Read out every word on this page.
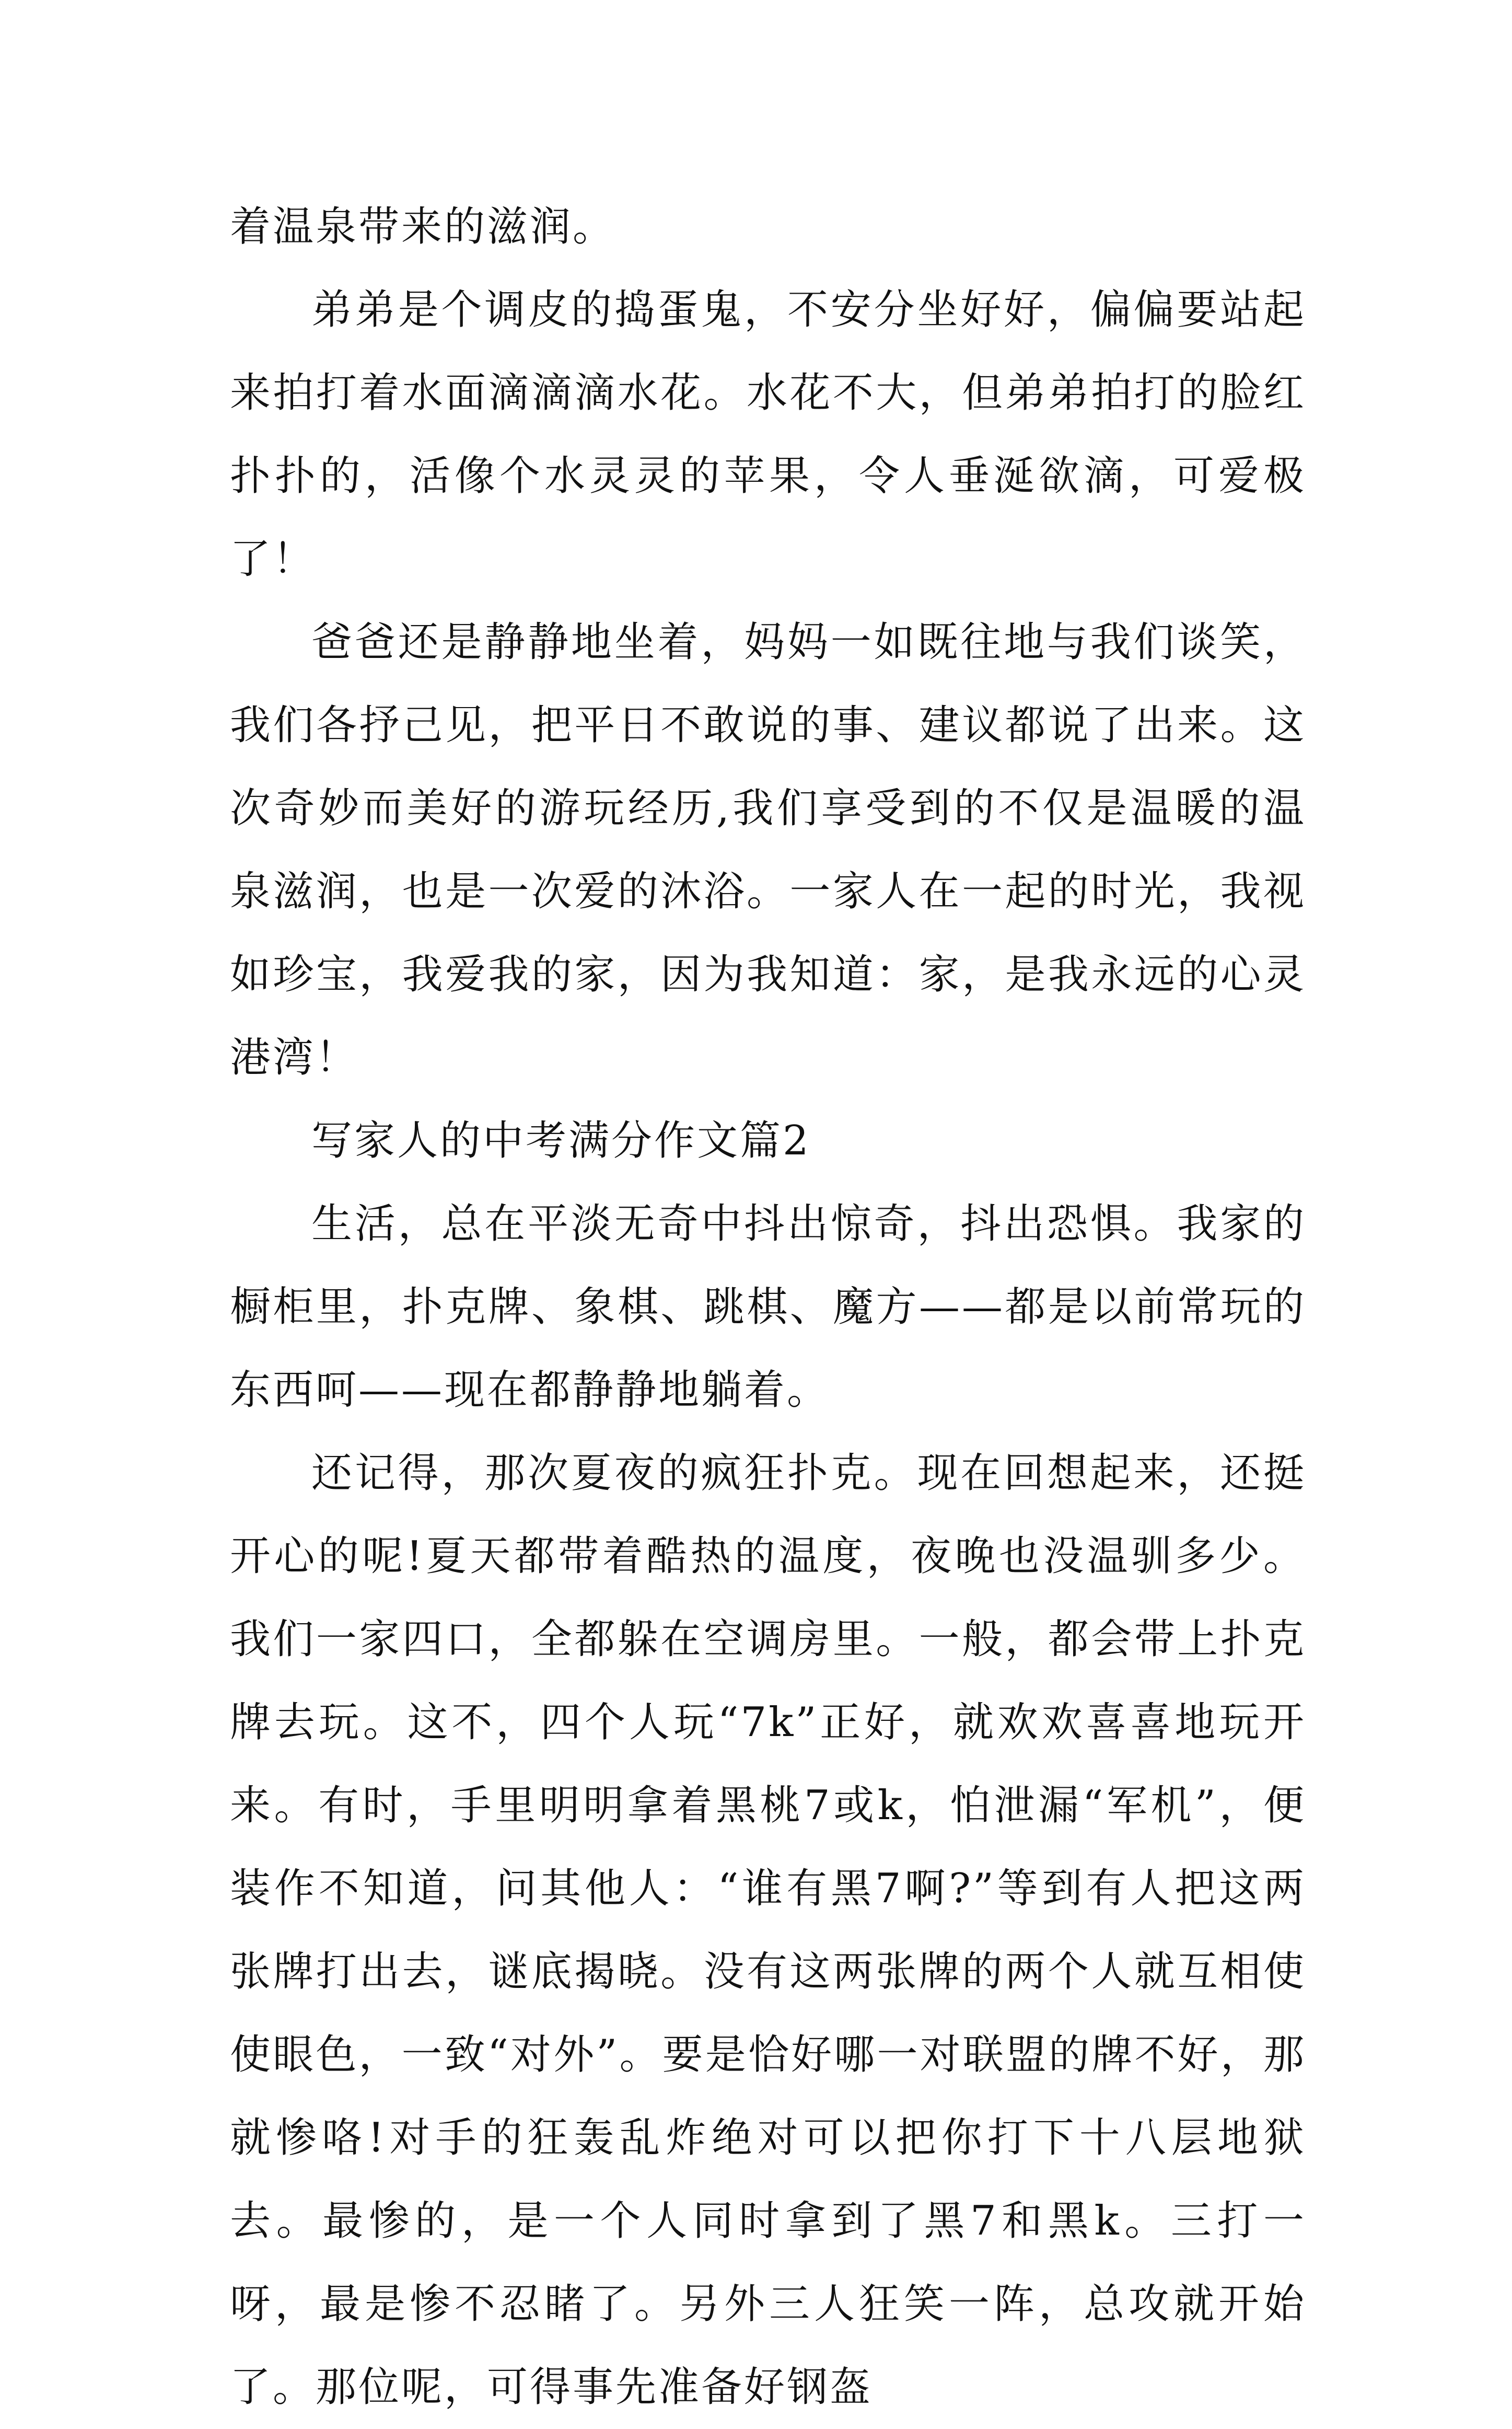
着温泉带来的滋润。

弟弟是个调皮的捣蛋鬼，不安分坐好好，偏偏要站起来拍打着水面滴滴滴水花。水花不大，但弟弟拍打的脸红扑扑的，活像个水灵灵的苹果，令人垂涎欲滴，可爱极了！

爸爸还是静静地坐着，妈妈一如既往地与我们谈笑，我们各抒己见，把平日不敢说的事、建议都说了出来。这次奇妙而美好的游玩经历,我们享受到的不仅是温暖的温泉滋润，也是一次爱的沐浴。一家人在一起的时光，我视如珍宝，我爱我的家，因为我知道：家，是我永远的心灵港湾！

写家人的中考满分作文篇2

生活，总在平淡无奇中抖出惊奇，抖出恐惧。我家的橱柜里，扑克牌、象棋、跳棋、魔方——都是以前常玩的东西呵——现在都静静地躺着。

还记得，那次夏夜的疯狂扑克。现在回想起来，还挺开心的呢!夏天都带着酷热的温度，夜晚也没温驯多少。我们一家四口，全都躲在空调房里。一般，都会带上扑克牌去玩。这不，四个人玩“7k”正好，就欢欢喜喜地玩开来。有时，手里明明拿着黑桃7或k，怕泄漏“军机”，便装作不知道，问其他人：“谁有黑7啊?”等到有人把这两张牌打出去，谜底揭晓。没有这两张牌的两个人就互相使使眼色，一致“对外”。要是恰好哪一对联盟的牌不好，那就惨咯!对手的狂轰乱炸绝对可以把你打下十八层地狱去。最惨的，是一个人同时拿到了黑7和黑k。三打一呀，最是惨不忍睹了。另外三人狂笑一阵，总攻就开始了。那位呢，可得事先准备好钢盔
